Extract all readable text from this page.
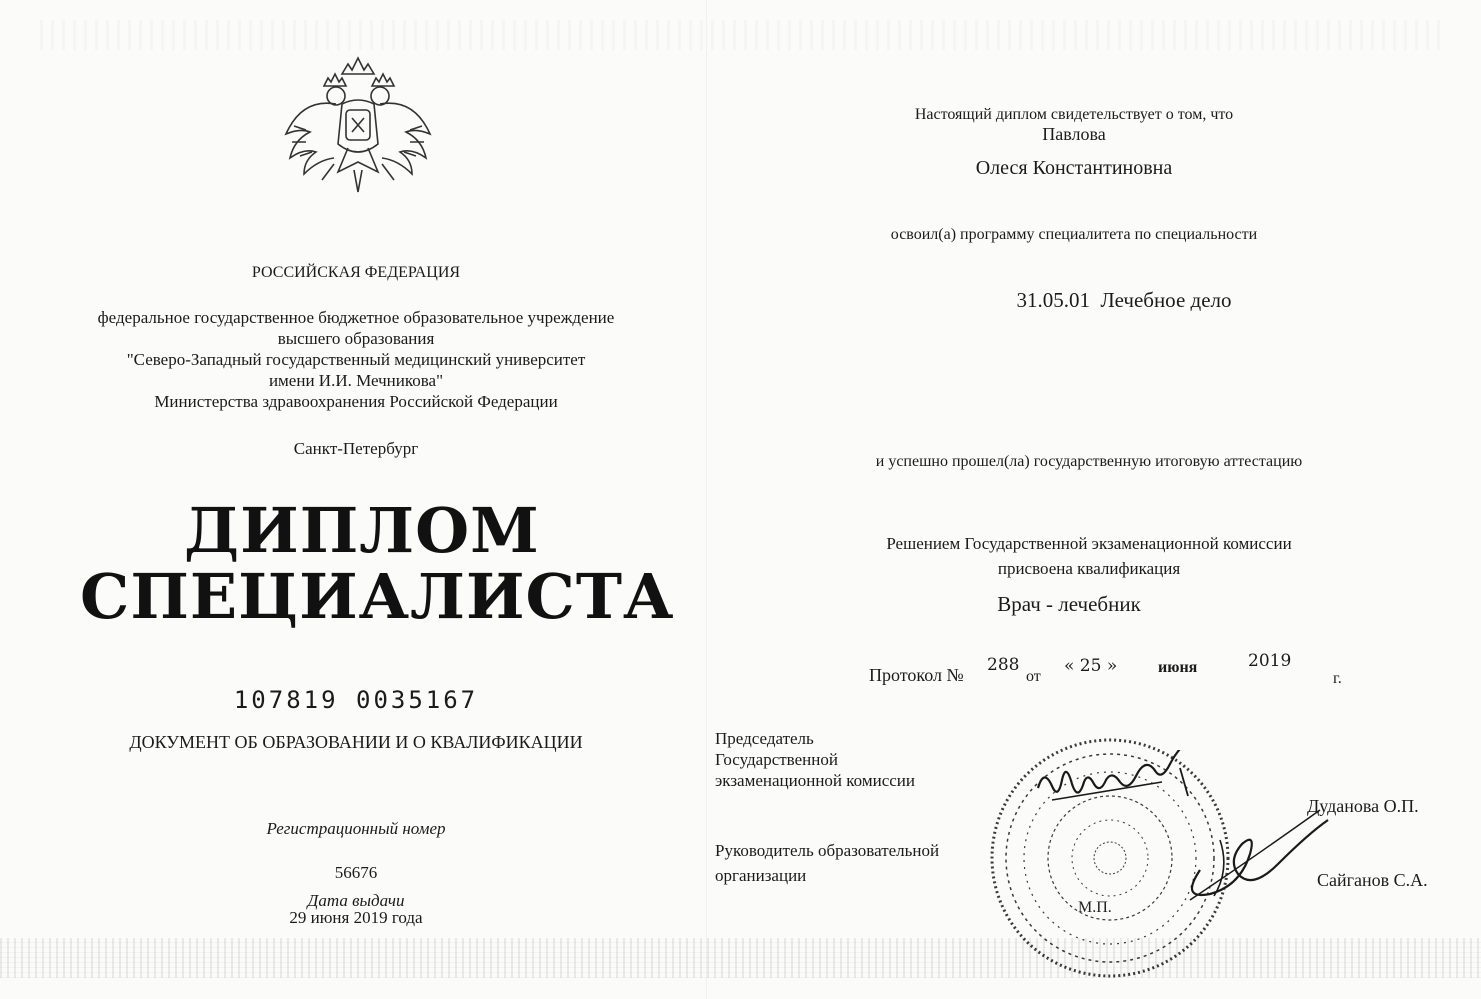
РОССИЙСКАЯ ФЕДЕРАЦИЯ
федеральное государственное бюджетное образовательное учреждение
высшего образования
"Северо-Западный государственный медицинский университет
имени И.И. Мечникова"
Министерства здравоохранения Российской Федерации
Санкт-Петербург
ДИПЛОМ
СПЕЦИАЛИСТА
107819 0035167
ДОКУМЕНТ ОБ ОБРАЗОВАНИИ И О КВАЛИФИКАЦИИ
Регистрационный номер
56676
Дата выдачи
29 июня 2019 года
Настоящий диплом свидетельствует о том, что
Павлова
Олеся Константиновна
освоил(а) программу специалитета по специальности
31.05.01  Лечебное дело
и успешно прошел(ла) государственную итоговую аттестацию
Решением Государственной экзаменационной комиссии
присвоена квалификация
Врач - лечебник
Протокол № 288
от
« 25 »	июня	2019
г.
Председатель
Государственной
экзаменационной комиссии
Руководитель образовательной
организации
М.П.
Дуданова О.П.
Сайганов С.А.
